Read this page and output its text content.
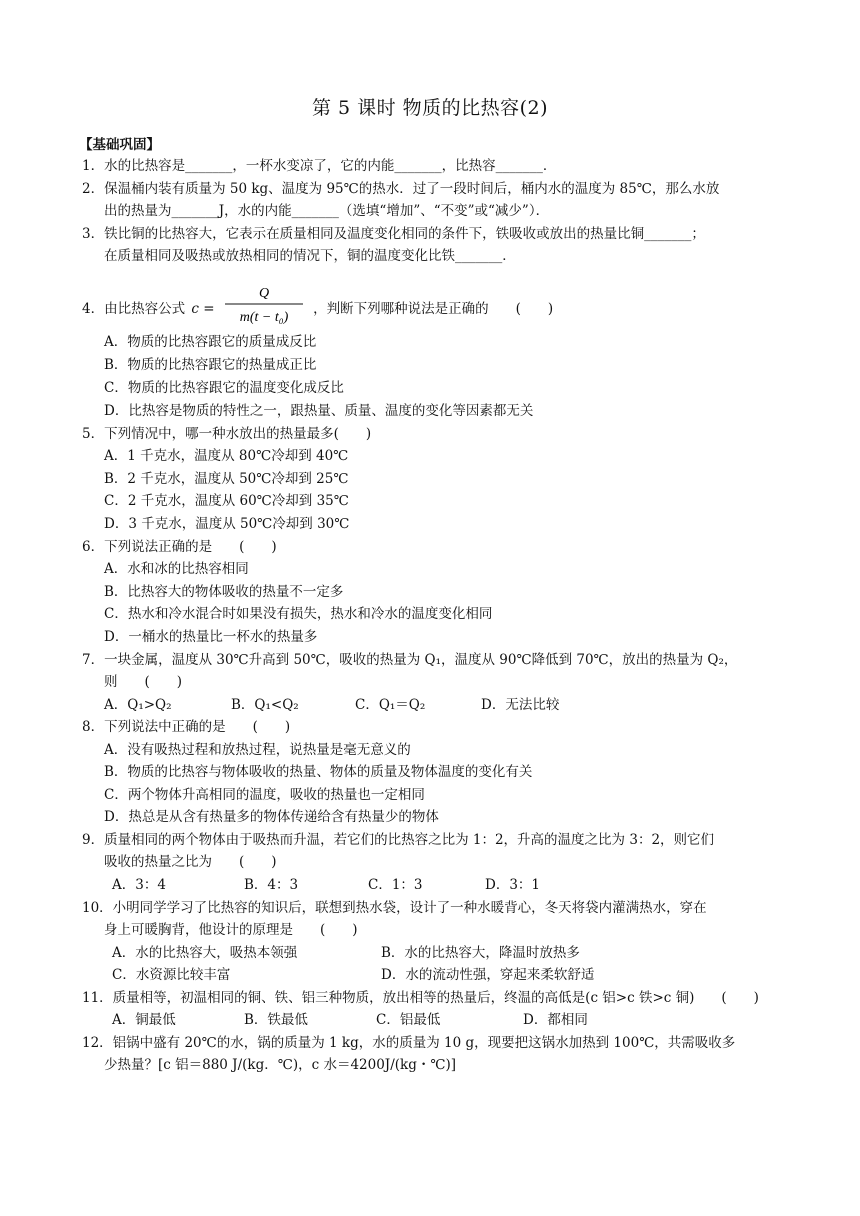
第 5 课时 物质的比热容(2)
【基础巩固】
1．水的比热容是_______，一杯水变凉了，它的内能_______，比热容_______．
2．保温桶内装有质量为 50 kg、温度为 95℃的热水．过了一段时间后，桶内水的温度为 85℃，那么水放
出的热量为_______J，水的内能_______（选填“增加”、“不变”或“减少”）．
3．铁比铜的比热容大，它表示在质量相同及温度变化相同的条件下，铁吸收或放出的热量比铜_______；
在质量相同及吸热或放热相同的情况下，铜的温度变化比铁_______．
4．由比热容公式 c =
Q
m(t − t₀)
，判断下列哪种说法是正确的　　(　　)
A．物质的比热容跟它的质量成反比
B．物质的比热容跟它的热量成正比
C．物质的比热容跟它的温度变化成反比
D．比热容是物质的特性之一，跟热量、质量、温度的变化等因素都无关
5．下列情况中，哪一种水放出的热量最多(　　)
A．1 千克水，温度从 80℃冷却到 40℃
B．2 千克水，温度从 50℃冷却到 25℃
C．2 千克水，温度从 60℃冷却到 35℃
D．3 千克水，温度从 50℃冷却到 30℃
6．下列说法正确的是　　(　　)
A．水和冰的比热容相同
B．比热容大的物体吸收的热量不一定多
C．热水和冷水混合时如果没有损失，热水和冷水的温度变化相同
D．一桶水的热量比一杯水的热量多
7．一块金属，温度从 30℃升高到 50℃，吸收的热量为 Q₁，温度从 90℃降低到 70℃，放出的热量为 Q₂，
则　　(　　)
A．Q₁>Q₂	B．Q₁<Q₂	C．Q₁＝Q₂	D．无法比较
8．下列说法中正确的是　　(　　)
A．没有吸热过程和放热过程，说热量是毫无意义的
B．物质的比热容与物体吸收的热量、物体的质量及物体温度的变化有关
C．两个物体升高相同的温度，吸收的热量也一定相同
D．热总是从含有热量多的物体传递给含有热量少的物体
9．质量相同的两个物体由于吸热而升温，若它们的比热容之比为 1：2，升高的温度之比为 3：2，则它们
吸收的热量之比为　　(　　)
A．3：4	B．4：3	C．1：3	D．3：1
10．小明同学学习了比热容的知识后，联想到热水袋，设计了一种水暖背心，冬天将袋内灌满热水，穿在
身上可暖胸背，他设计的原理是　　(　　)
A．水的比热容大，吸热本领强	B．水的比热容大，降温时放热多
C．水资源比较丰富	D．水的流动性强，穿起来柔软舒适
11．质量相等，初温相同的铜、铁、铝三种物质，放出相等的热量后，终温的高低是(c 铝>c 铁>c 铜)　　(　　)
A．铜最低	B．铁最低	C．铝最低	D．都相同
12．铝锅中盛有 20℃的水，锅的质量为 1 kg，水的质量为 10 g，现要把这锅水加热到 100℃，共需吸收多
少热量？[c 铝＝880 J/(kg．℃)，c 水＝4200J/(kg・℃)]
